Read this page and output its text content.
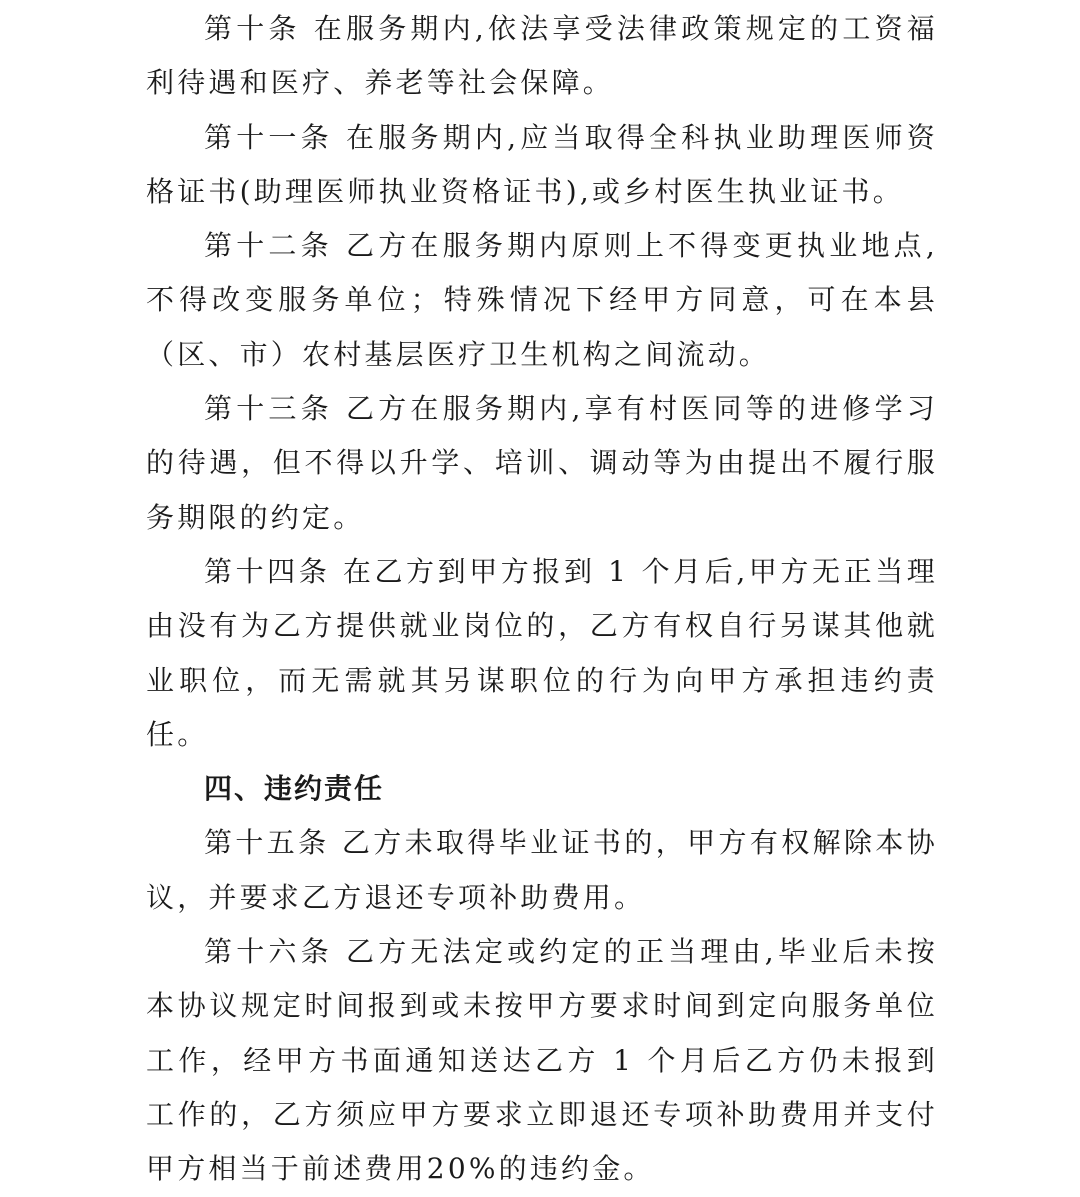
第十条 在服务期内,依法享受法律政策规定的工资福利待遇和医疗、养老等社会保障。

第十一条 在服务期内,应当取得全科执业助理医师资格证书(助理医师执业资格证书),或乡村医生执业证书。

第十二条 乙方在服务期内原则上不得变更执业地点,不得改变服务单位；特殊情况下经甲方同意，可在本县（区、市）农村基层医疗卫生机构之间流动。

第十三条 乙方在服务期内,享有村医同等的进修学习的待遇，但不得以升学、培训、调动等为由提出不履行服务期限的约定。

第十四条 在乙方到甲方报到 1 个月后,甲方无正当理由没有为乙方提供就业岗位的，乙方有权自行另谋其他就业职位，而无需就其另谋职位的行为向甲方承担违约责任。

四、违约责任

第十五条 乙方未取得毕业证书的，甲方有权解除本协议，并要求乙方退还专项补助费用。

第十六条 乙方无法定或约定的正当理由,毕业后未按本协议规定时间报到或未按甲方要求时间到定向服务单位工作，经甲方书面通知送达乙方 1 个月后乙方仍未报到工作的，乙方须应甲方要求立即退还专项补助费用并支付甲方相当于前述费用20%的违约金。
